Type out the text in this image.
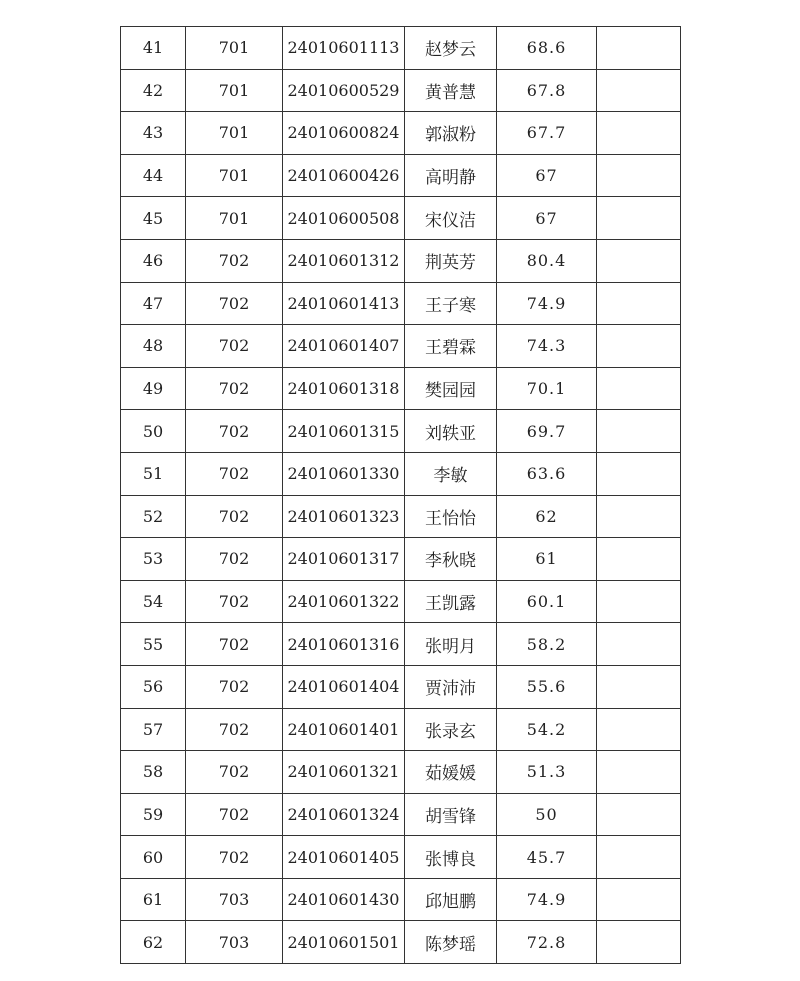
41	701	24010601113	赵梦云	68.6	
42	701	24010600529	黄普慧	67.8	
43	701	24010600824	郭淑粉	67.7	
44	701	24010600426	高明静	67	
45	701	24010600508	宋仪洁	67	
46	702	24010601312	荆英芳	80.4	
47	702	24010601413	王子寒	74.9	
48	702	24010601407	王碧霖	74.3	
49	702	24010601318	樊园园	70.1	
50	702	24010601315	刘轶亚	69.7	
51	702	24010601330	李敏	63.6	
52	702	24010601323	王怡怡	62	
53	702	24010601317	李秋晓	61	
54	702	24010601322	王凯露	60.1	
55	702	24010601316	张明月	58.2	
56	702	24010601404	贾沛沛	55.6	
57	702	24010601401	张录玄	54.2	
58	702	24010601321	茹媛媛	51.3	
59	702	24010601324	胡雪锋	50	
60	702	24010601405	张博良	45.7	
61	703	24010601430	邱旭鹏	74.9	
62	703	24010601501	陈梦瑶	72.8	
